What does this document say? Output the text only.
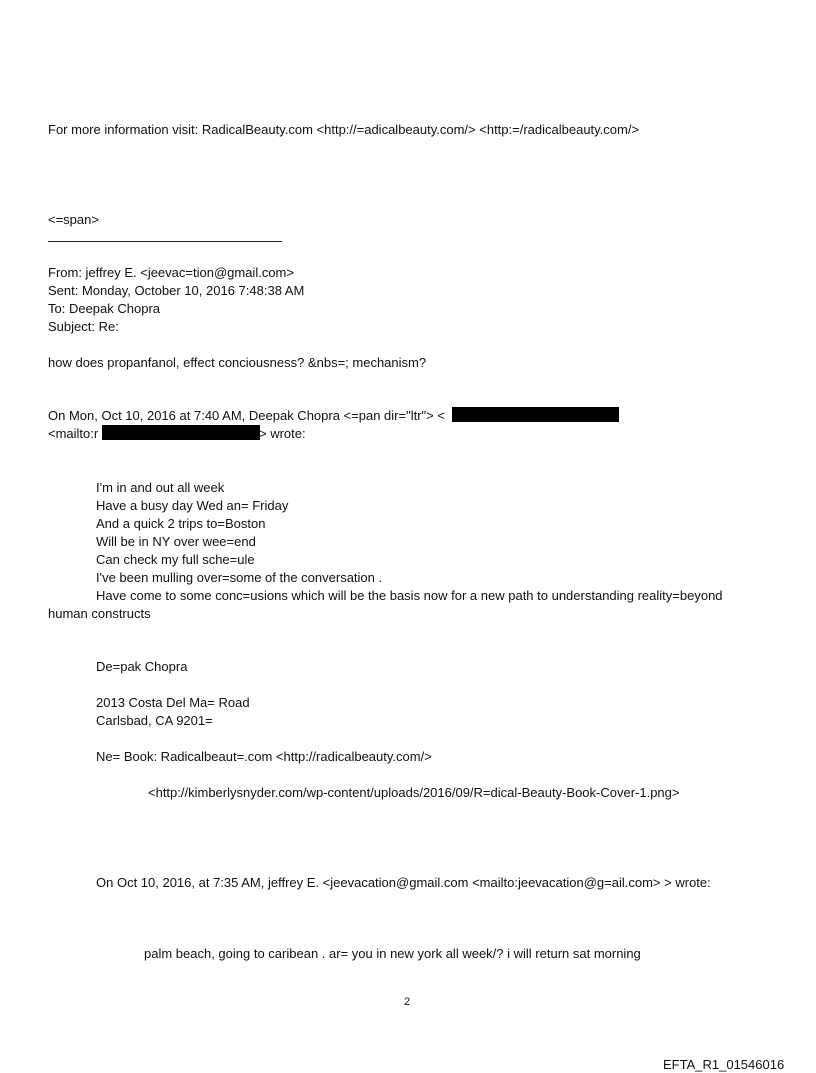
For more information visit: RadicalBeauty.com <http://=adicalbeauty.com/> <http:=/radicalbeauty.com/>
<=span>
From: jeffrey E. <jeevac=tion@gmail.com>
Sent: Monday, October 10, 2016 7:48:38 AM
To: Deepak Chopra
Subject: Re:
how does propanfanol, effect conciousness? &nbs=; mechanism?
On Mon, Oct 10, 2016 at 7:40 AM, Deepak Chopra <=pan dir="ltr"> <
<mailto:r	> wrote:
I'm in and out all week
Have a busy day Wed an= Friday
And a quick 2 trips to=Boston
Will be in NY over wee=end
Can check my full sche=ule
I've been mulling over=some of the conversation .
Have come to some conc=usions which will be the basis now for a new path to understanding reality=beyond
human constructs
De=pak Chopra
2013 Costa Del Ma= Road
Carlsbad, CA 9201=
Ne= Book: Radicalbeaut=.com <http://radicalbeauty.com/>
<http://kimberlysnyder.com/wp-content/uploads/2016/09/R=dical-Beauty-Book-Cover-1.png>
On Oct 10, 2016, at 7:35 AM, jeffrey E. <jeevacation@gmail.com <mailto:jeevacation@g=ail.com> > wrote:
palm beach, going to caribean . ar= you in new york all week/? i will return sat morning
2
EFTA_R1_01546016
